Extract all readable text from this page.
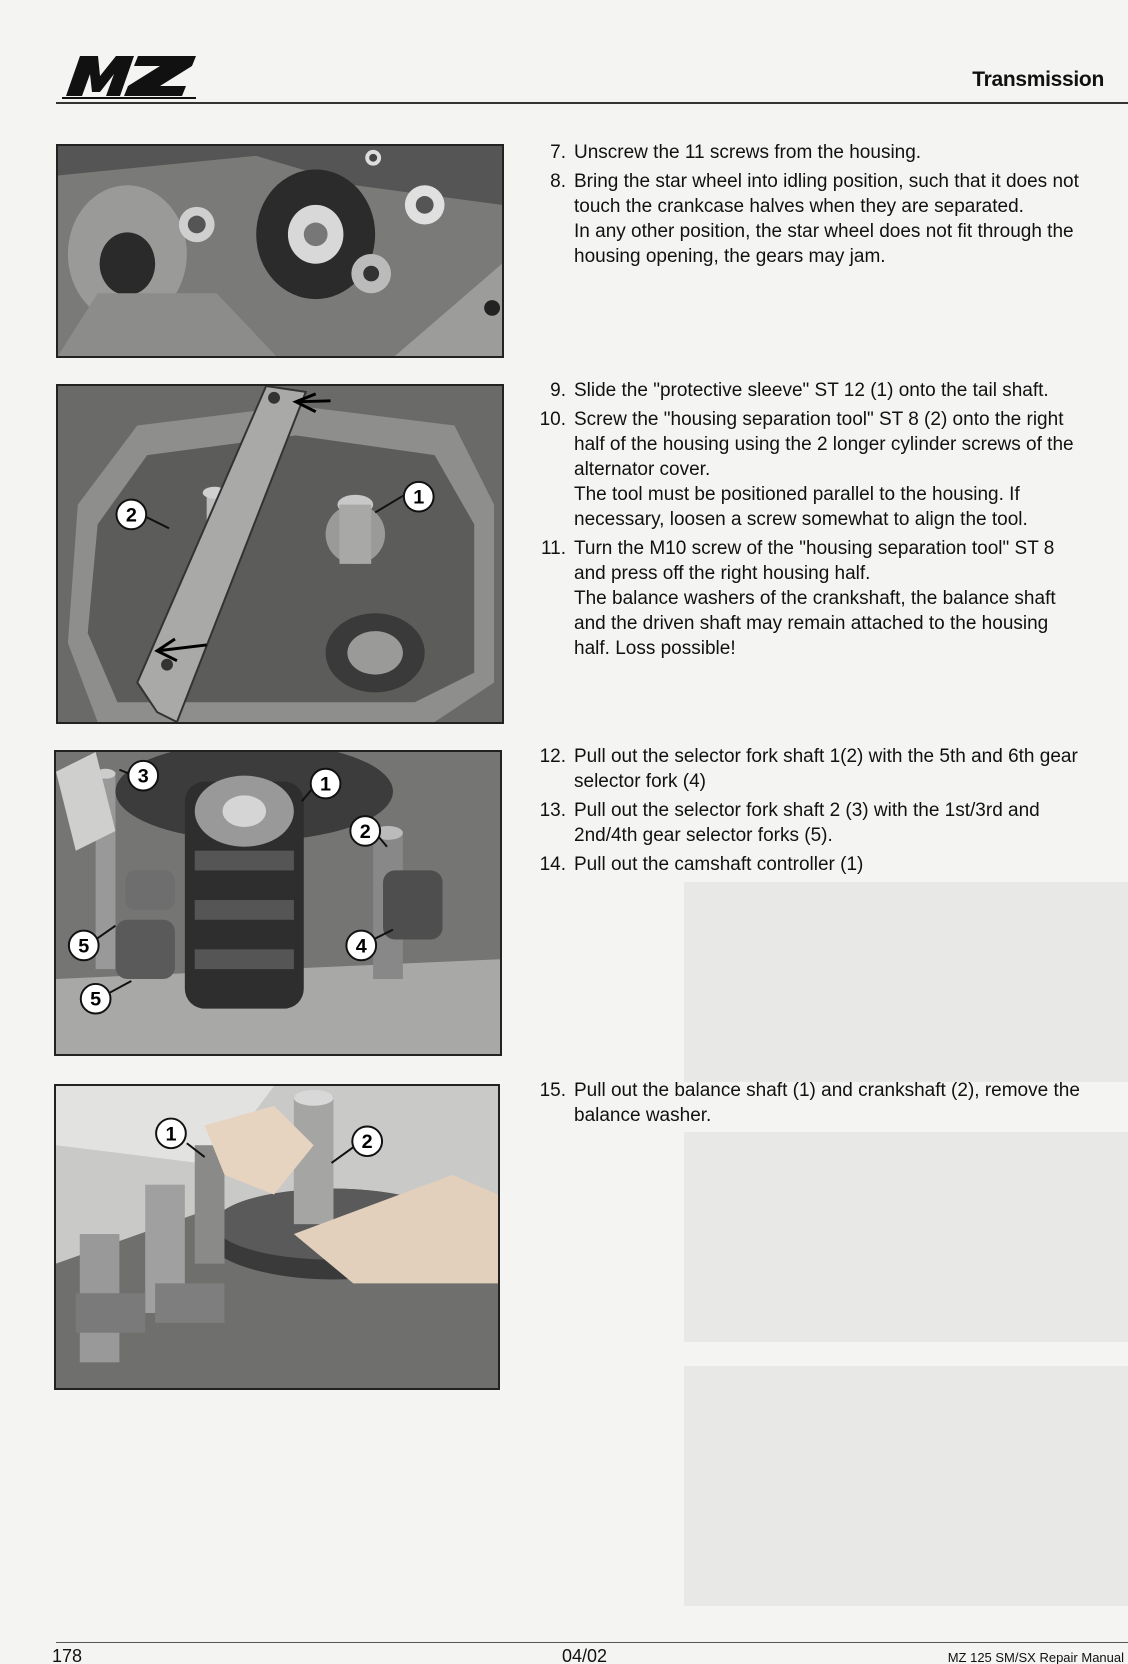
Transmission
1
2
3	1
2
5	4
5
1	2
7. Unscrew the 11 screws from the housing.
8. Bring the star wheel into idling position, such that it does not
touch the crankcase halves when they are separated.
In any other position, the star wheel does not fit through the
housing opening, the gears may jam.
9. Slide the "protective sleeve" ST 12 (1) onto the tail shaft.
10. Screw the "housing separation tool" ST 8 (2) onto the right
half of the housing using the 2 longer cylinder screws of the
alternator cover.
The tool must be positioned parallel to the housing. If
necessary, loosen a screw somewhat to align the tool.
11. Turn the M10 screw of the "housing separation tool" ST 8
and press off the right housing half.
The balance washers of the crankshaft, the balance shaft
and the driven shaft may remain attached to the housing
half. Loss possible!
12. Pull out the selector fork shaft 1(2) with the 5th and 6th gear
selector fork (4)
13. Pull out the selector fork shaft 2 (3) with the 1st/3rd and
2nd/4th gear selector forks (5).
14. Pull out the camshaft controller (1)
15. Pull out the balance shaft (1) and crankshaft (2), remove the
balance washer.
178	04/02	MZ 125 SM/SX Repair Manual
